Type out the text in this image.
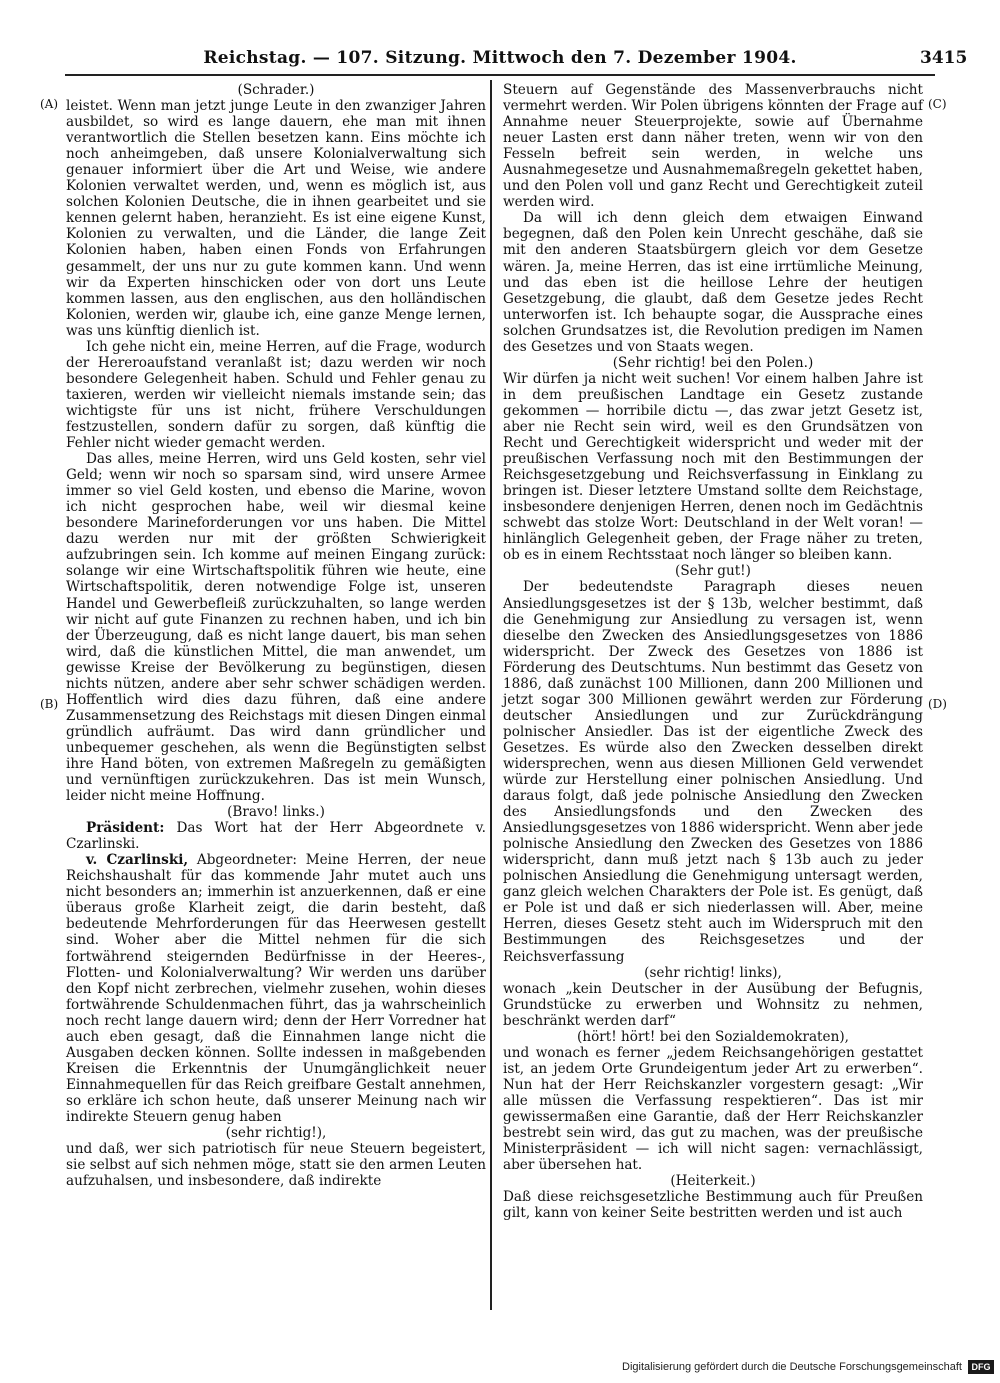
Reichstag. — 107. Sitzung. Mittwoch den 7. Dezember 1904.	3415
(A)
(B)
(C)
(D)

(Schrader.)

leistet. Wenn man jetzt junge Leute in den zwanziger Jahren ausbildet, so wird es lange dauern, ehe man mit ihnen verantwortlich die Stellen besetzen kann. Eins möchte ich noch anheimgeben, daß unsere Kolonialverwaltung sich genauer informiert über die Art und Weise, wie andere Kolonien verwaltet werden, und, wenn es möglich ist, aus solchen Kolonien Deutsche, die in ihnen gearbeitet und sie kennen gelernt haben, heranzieht. Es ist eine eigene Kunst, Kolonien zu verwalten, und die Länder, die lange Zeit Kolonien haben, haben einen Fonds von Erfahrungen gesammelt, der uns nur zu gute kommen kann. Und wenn wir da Experten hinschicken oder von dort uns Leute kommen lassen, aus den englischen, aus den holländischen Kolonien, werden wir, glaube ich, eine ganze Menge lernen, was uns künftig dienlich ist.

Ich gehe nicht ein, meine Herren, auf die Frage, wodurch der Hereroaufstand veranlaßt ist; dazu werden wir noch besondere Gelegenheit haben. Schuld und Fehler genau zu taxieren, werden wir vielleicht niemals imstande sein; das wichtigste für uns ist nicht, frühere Verschuldungen festzustellen, sondern dafür zu sorgen, daß künftig die Fehler nicht wieder gemacht werden.

Das alles, meine Herren, wird uns Geld kosten, sehr viel Geld; wenn wir noch so sparsam sind, wird unsere Armee immer so viel Geld kosten, und ebenso die Marine, wovon ich nicht gesprochen habe, weil wir diesmal keine besondere Marineforderungen vor uns haben. Die Mittel dazu werden nur mit der größten Schwierigkeit aufzubringen sein. Ich komme auf meinen Eingang zurück: solange wir eine Wirtschaftspolitik führen wie heute, eine Wirtschaftspolitik, deren notwendige Folge ist, unseren Handel und Gewerbefleiß zurückzuhalten, so lange werden wir nicht auf gute Finanzen zu rechnen haben, und ich bin der Überzeugung, daß es nicht lange dauert, bis man sehen wird, daß die künstlichen Mittel, die man anwendet, um gewisse Kreise der Bevölkerung zu begünstigen, diesen nichts nützen, andere aber sehr schwer schädigen werden. Hoffentlich wird dies dazu führen, daß eine andere Zusammensetzung des Reichstags mit diesen Dingen einmal gründlich aufräumt. Das wird dann gründlicher und unbequemer geschehen, als wenn die Begünstigten selbst ihre Hand böten, von extremen Maßregeln zu gemäßigten und vernünftigen zurückzukehren. Das ist mein Wunsch, leider nicht meine Hoffnung.

(Bravo! links.)

Präsident: Das Wort hat der Herr Abgeordnete v. Czarlinski.

v. Czarlinski, Abgeordneter: Meine Herren, der neue Reichshaushalt für das kommende Jahr mutet auch uns nicht besonders an; immerhin ist anzuerkennen, daß er eine überaus große Klarheit zeigt, die darin besteht, daß bedeutende Mehrforderungen für das Heerwesen gestellt sind. Woher aber die Mittel nehmen für die sich fortwährend steigernden Bedürfnisse in der Heeres-, Flotten- und Kolonialverwaltung? Wir werden uns darüber den Kopf nicht zerbrechen, vielmehr zusehen, wohin dieses fortwährende Schuldenmachen führt, das ja wahrscheinlich noch recht lange dauern wird; denn der Herr Vorredner hat auch eben gesagt, daß die Einnahmen lange nicht die Ausgaben decken können. Sollte indessen in maßgebenden Kreisen die Erkenntnis der Unumgänglichkeit neuer Einnahmequellen für das Reich greifbare Gestalt annehmen, so erkläre ich schon heute, daß unserer Meinung nach wir indirekte Steuern genug haben

(sehr richtig!),

und daß, wer sich patriotisch für neue Steuern begeistert, sie selbst auf sich nehmen möge, statt sie den armen Leuten aufzuhalsen, und insbesondere, daß indirekte

Steuern auf Gegenstände des Massenverbrauchs nicht vermehrt werden. Wir Polen übrigens könnten der Frage auf Annahme neuer Steuerprojekte, sowie auf Übernahme neuer Lasten erst dann näher treten, wenn wir von den Fesseln befreit sein werden, in welche uns Ausnahmegesetze und Ausnahmemaßregeln gekettet haben, und den Polen voll und ganz Recht und Gerechtigkeit zuteil werden wird.

Da will ich denn gleich dem etwaigen Einwand begegnen, daß den Polen kein Unrecht geschähe, daß sie mit den anderen Staatsbürgern gleich vor dem Gesetze wären. Ja, meine Herren, das ist eine irrtümliche Meinung, und das eben ist die heillose Lehre der heutigen Gesetzgebung, die glaubt, daß dem Gesetze jedes Recht unterworfen ist. Ich behaupte sogar, die Aussprache eines solchen Grundsatzes ist, die Revolution predigen im Namen des Gesetzes und von Staats wegen.

(Sehr richtig! bei den Polen.)

Wir dürfen ja nicht weit suchen! Vor einem halben Jahre ist in dem preußischen Landtage ein Gesetz zustande gekommen — horribile dictu —, das zwar jetzt Gesetz ist, aber nie Recht sein wird, weil es den Grundsätzen von Recht und Gerechtigkeit widerspricht und weder mit der preußischen Verfassung noch mit den Bestimmungen der Reichsgesetzgebung und Reichsverfassung in Einklang zu bringen ist. Dieser letztere Umstand sollte dem Reichstage, insbesondere denjenigen Herren, denen noch im Gedächtnis schwebt das stolze Wort: Deutschland in der Welt voran! — hinlänglich Gelegenheit geben, der Frage näher zu treten, ob es in einem Rechtsstaat noch länger so bleiben kann.

(Sehr gut!)

Der bedeutendste Paragraph dieses neuen Ansiedlungsgesetzes ist der § 13b, welcher bestimmt, daß die Genehmigung zur Ansiedlung zu versagen ist, wenn dieselbe den Zwecken des Ansiedlungsgesetzes von 1886 widerspricht. Der Zweck des Gesetzes von 1886 ist Förderung des Deutschtums. Nun bestimmt das Gesetz von 1886, daß zunächst 100 Millionen, dann 200 Millionen und jetzt sogar 300 Millionen gewährt werden zur Förderung deutscher Ansiedlungen und zur Zurückdrängung polnischer Ansiedler. Das ist der eigentliche Zweck des Gesetzes. Es würde also den Zwecken desselben direkt widersprechen, wenn aus diesen Millionen Geld verwendet würde zur Herstellung einer polnischen Ansiedlung. Und daraus folgt, daß jede polnische Ansiedlung den Zwecken des Ansiedlungsfonds und den Zwecken des Ansiedlungsgesetzes von 1886 widerspricht. Wenn aber jede polnische Ansiedlung den Zwecken des Gesetzes von 1886 widerspricht, dann muß jetzt nach § 13b auch zu jeder polnischen Ansiedlung die Genehmigung untersagt werden, ganz gleich welchen Charakters der Pole ist. Es genügt, daß er Pole ist und daß er sich niederlassen will. Aber, meine Herren, dieses Gesetz steht auch im Widerspruch mit den Bestimmungen des Reichsgesetzes und der Reichsverfassung

(sehr richtig! links),

wonach „kein Deutscher in der Ausübung der Befugnis, Grundstücke zu erwerben und Wohnsitz zu nehmen, beschränkt werden darf“

(hört! hört! bei den Sozialdemokraten),

und wonach es ferner „jedem Reichsangehörigen gestattet ist, an jedem Orte Grundeigentum jeder Art zu erwerben“. Nun hat der Herr Reichskanzler vorgestern gesagt: „Wir alle müssen die Verfassung respektieren“. Das ist mir gewissermaßen eine Garantie, daß der Herr Reichskanzler bestrebt sein wird, das gut zu machen, was der preußische Ministerpräsident — ich will nicht sagen: vernachlässigt, aber übersehen hat.

(Heiterkeit.)

Daß diese reichsgesetzliche Bestimmung auch für Preußen gilt, kann von keiner Seite bestritten werden und ist auch

Digitalisierung gefördert durch die Deutsche Forschungsgemeinschaft	DFG
